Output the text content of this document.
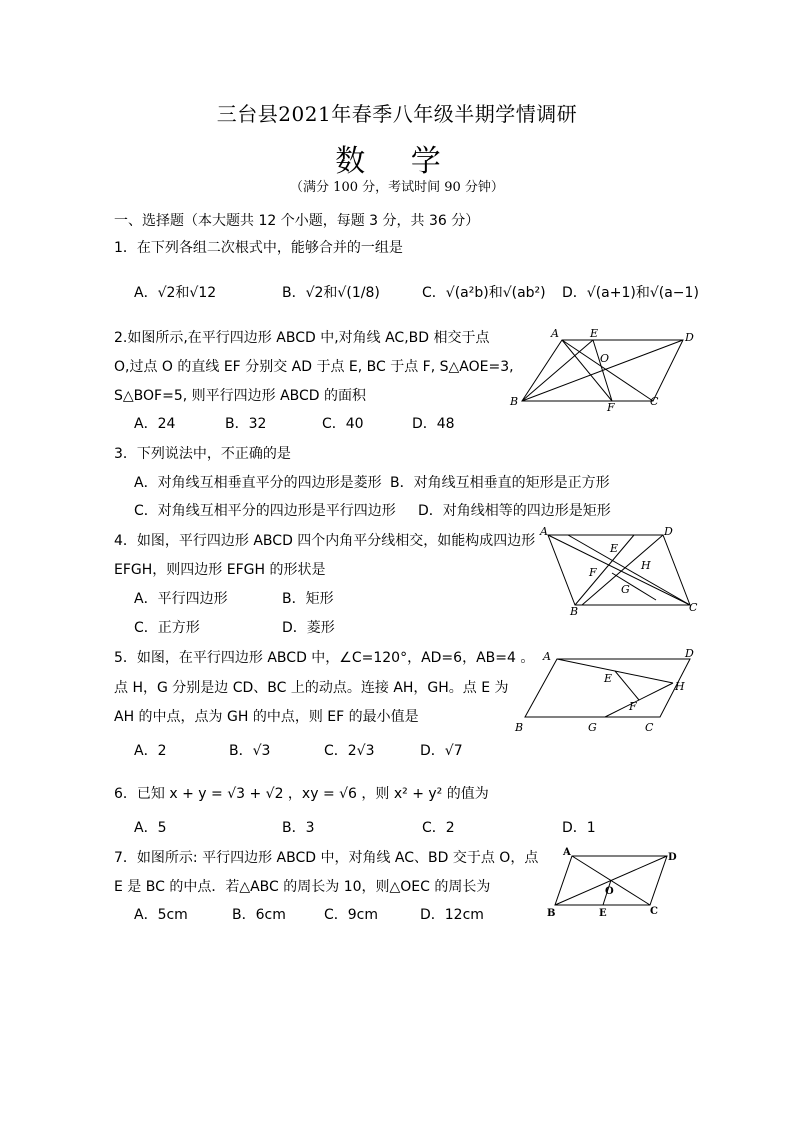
三台县2021年春季八年级半期学情调研
数 学
（满分 100 分，考试时间 90 分钟）
一、选择题（本大题共 12 个小题，每题 3 分，共 36 分）
1．在下列各组二次根式中，能够合并的一组是
A．√2和√12	B．√2和√(1/8)	C．√(a²b)和√(ab²) D．√(a+1)和√(a−1)
2.如图所示,在平行四边形 ABCD 中,对角线 AC,BD 相交于点
O,过点 O 的直线 EF 分别交 AD 于点 E, BC 于点 F, S△AOE=3,
S△BOF=5, 则平行四边形 ABCD 的面积
A．24	B．32	C．40	D．48
A	E	D
O
B	F	C
3．下列说法中，不正确的是
A．对角线互相垂直平分的四边形是菱形 B．对角线互相垂直的矩形是正方形
C．对角线互相平分的四边形是平行四边形 D．对角线相等的四边形是矩形
4．如图，平行四边形 ABCD 四个内角平分线相交，如能构成四边形
EFGH，则四边形 EFGH 的形状是
A．平行四边形	B．矩形
C．正方形	D．菱形
A	D
E
H
F
G
B	C
5．如图，在平行四边形 ABCD 中，∠C=120°，AD=6，AB=4 。
点 H，G 分别是边 CD、BC 上的动点。连接 AH，GH。点 E 为
AH 的中点，点为 GH 的中点，则 EF 的最小值是
A．2	B．√3	C．2√3	D．√7
A	D
E
H
F
B	G	C
6．已知 x + y = √3 + √2 ，xy = √6 ，则 x² + y² 的值为
A．5	B．3	C．2	D．1
7．如图所示: 平行四边形 ABCD 中，对角线 AC、BD 交于点 O，点
E 是 BC 的中点．若△ABC 的周长为 10，则△OEC 的周长为
A．5cm	B．6cm	C．9cm	D．12cm
A	D
O
B	E	C
